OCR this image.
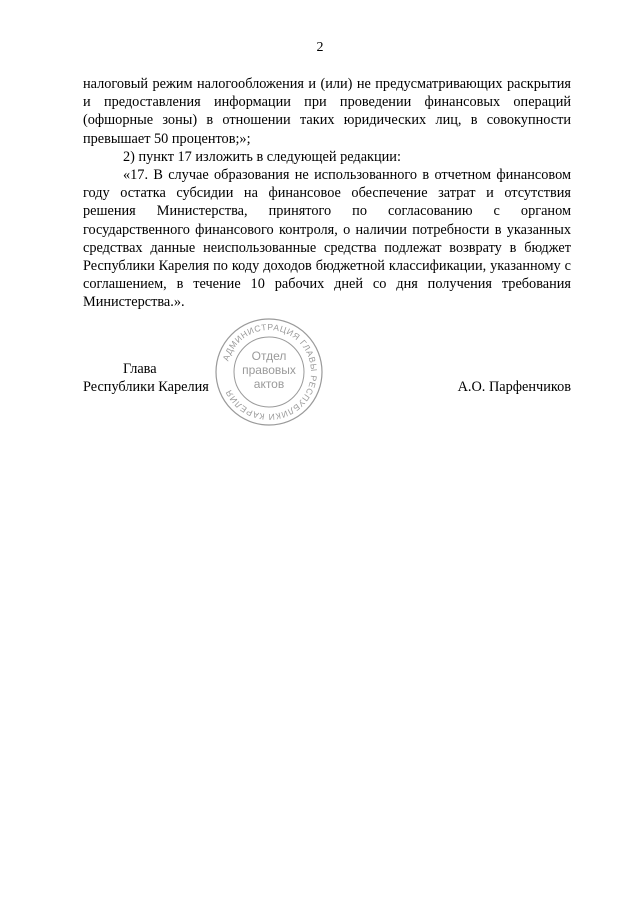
2

налоговый режим налогообложения и (или) не предусматривающих раскрытия и предоставления информации при проведении финансовых операций (офшорные зоны) в отношении таких юридических лиц, в совокупности превышает 50 процентов;»;

2) пункт 17 изложить в следующей редакции:

«17. В случае образования не использованного в отчетном финансовом году остатка субсидии на финансовое обеспечение затрат и отсутствия решения Министерства, принятого по согласованию с органом государственного финансового контроля, о наличии потребности в указанных средствах данные неиспользованные средства подлежат возврату в бюджет Республики Карелия по коду доходов бюджетной классификации, указанному с соглашением, в течение 10 рабочих дней со дня получения требования Министерства.».

Глава
Республики Карелия	А.О. Парфенчиков
АДМИНИСТРАЦИЯ ГЛАВЫ РЕСПУБЛИКИ КАРЕЛИЯ
Отдел
правовых
актов
